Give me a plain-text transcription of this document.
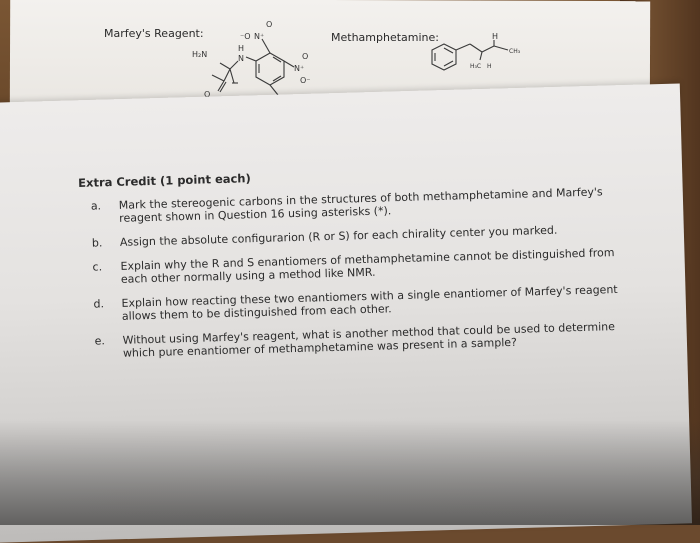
Marfey's Reagent:	Methamphetamine:
H₂N
H
N
O
⁻O N⁺
O
N⁺
O
O⁻
H
CH₃
H₃C H
Extra Credit (1 point each)
a.	Mark the stereogenic carbons in the structures of both methamphetamine and Marfey's reagent shown in Question 16 using asterisks (*).
b.	Assign the absolute configurarion (R or S) for each chirality center you marked.
c.	Explain why the R and S enantiomers of methamphetamine cannot be distinguished from each other normally using a method like NMR.
d.	Explain how reacting these two enantiomers with a single enantiomer of Marfey's reagent allows them to be distinguished from each other.
e.	Without using Marfey's reagent, what is another method that could be used to determine which pure enantiomer of methamphetamine was present in a sample?
